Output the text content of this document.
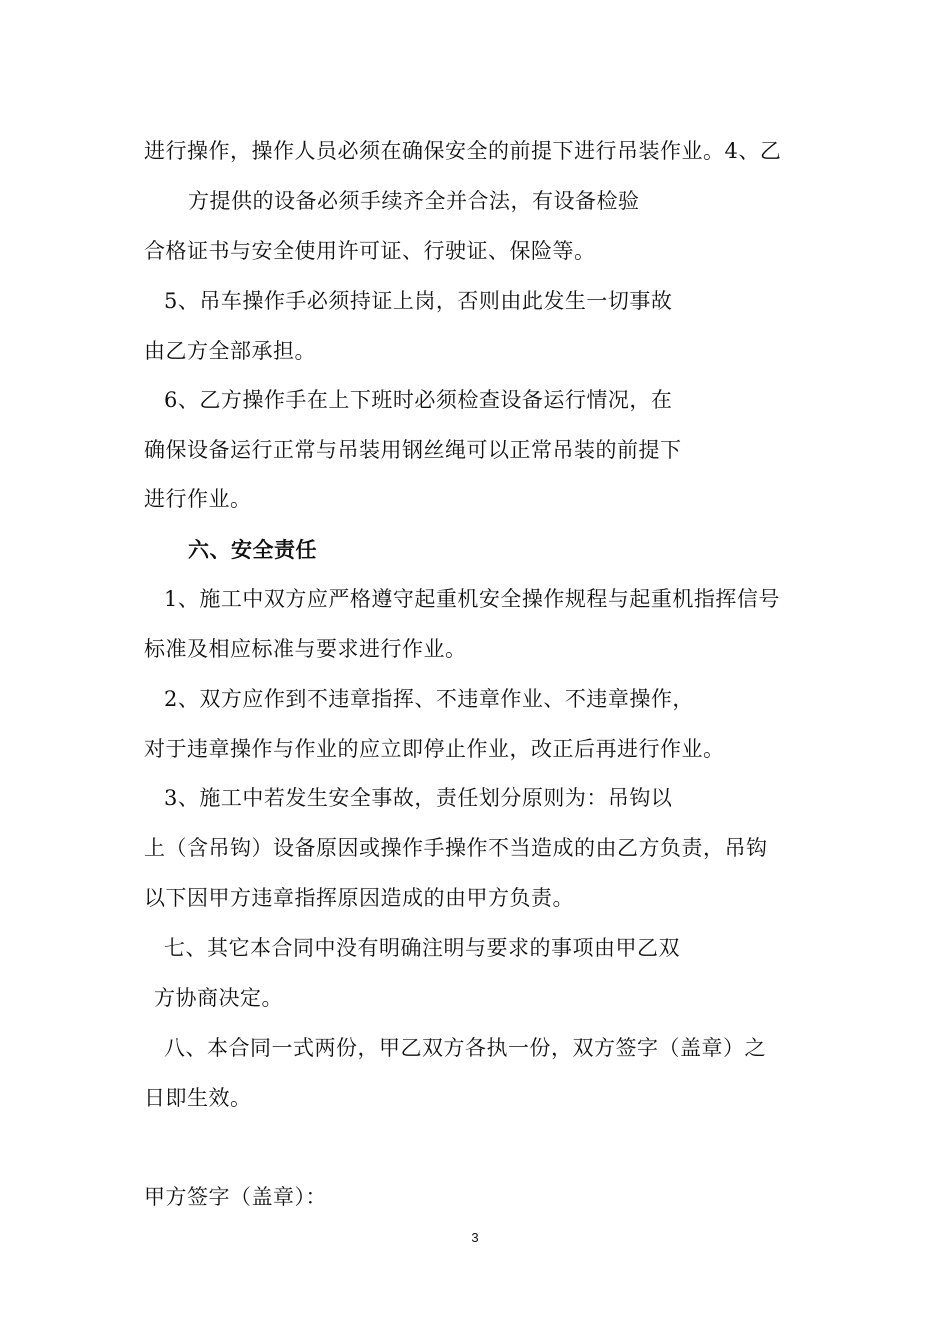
进行操作，操作人员必须在确保安全的前提下进行吊装作业。4、乙
方提供的设备必须手续齐全并合法，有设备检验
合格证书与安全使用许可证、行驶证、保险等。
5、吊车操作手必须持证上岗，否则由此发生一切事故
由乙方全部承担。
6、乙方操作手在上下班时必须检查设备运行情况，在
确保设备运行正常与吊装用钢丝绳可以正常吊装的前提下
进行作业。
六、安全责任
1、施工中双方应严格遵守起重机安全操作规程与起重机指挥信号
标准及相应标准与要求进行作业。
2、双方应作到不违章指挥、不违章作业、不违章操作，
对于违章操作与作业的应立即停止作业，改正后再进行作业。
3、施工中若发生安全事故，责任划分原则为：吊钩以
上（含吊钩）设备原因或操作手操作不当造成的由乙方负责，吊钩
以下因甲方违章指挥原因造成的由甲方负责。
七、其它本合同中没有明确注明与要求的事项由甲乙双
方协商决定。
八、本合同一式两份，甲乙双方各执一份，双方签字（盖章）之
日即生效。
甲方签字（盖章）：
3
